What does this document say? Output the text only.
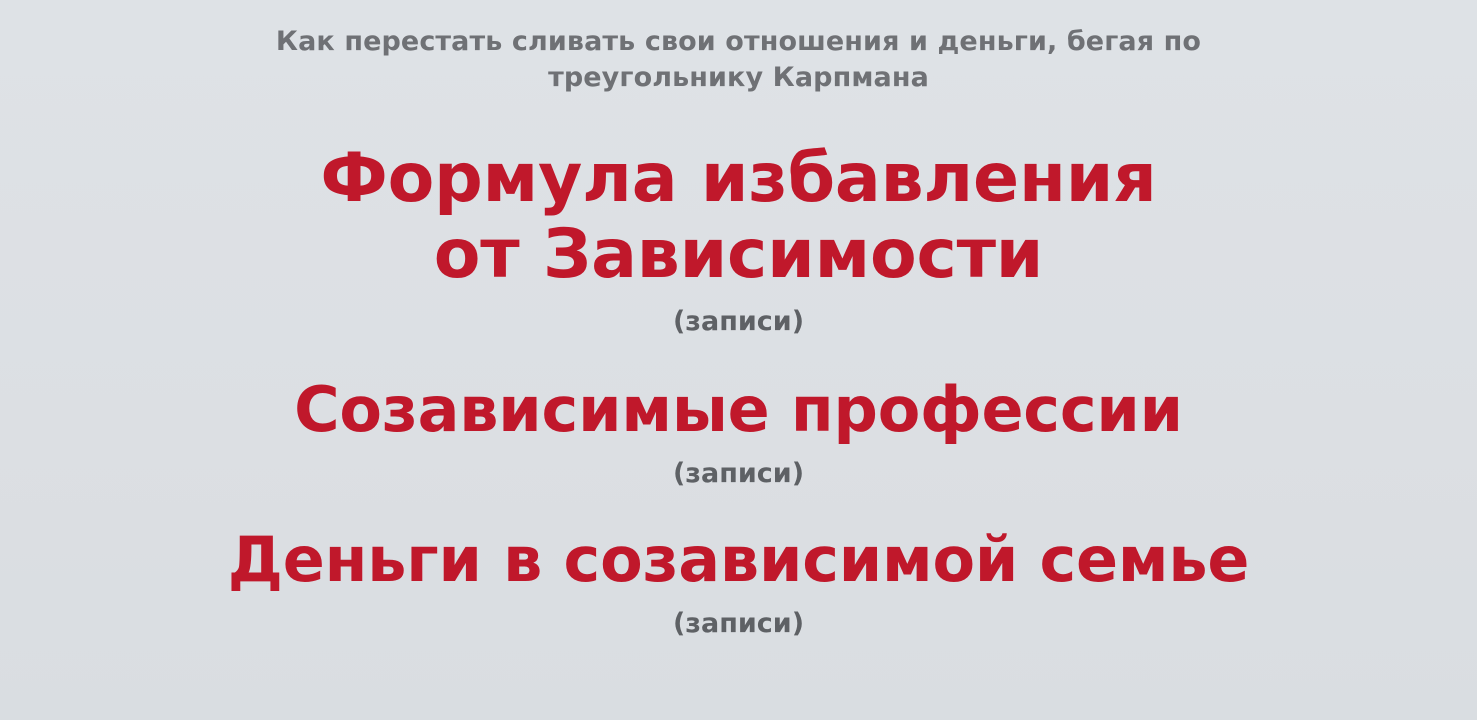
Как перестать сливать свои отношения и деньги, бегая по треугольнику Карпмана
Формула избавления
от Зависимости
(записи)
Созависимые профессии
(записи)
Деньги в созависимой семье
(записи)
